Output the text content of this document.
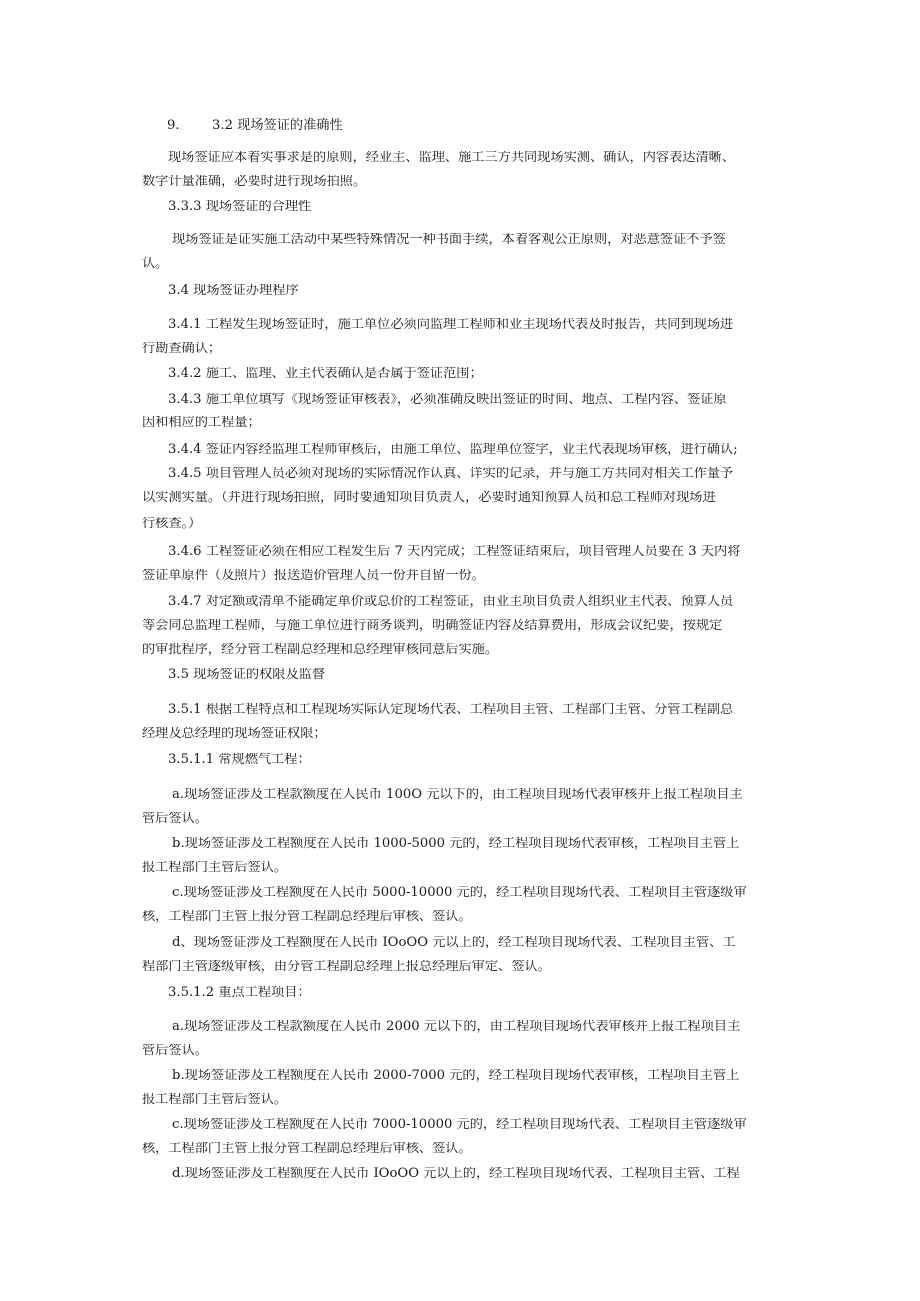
9. 3.2 现场签证的准确性
现场签证应本着实事求是的原则，经业主、监理、施工三方共同现场实测、确认，内容表达清晰、
数字计量准确，必要时进行现场拍照。
3.3.3 现场签证的合理性
现场签证是证实施工活动中某些特殊情况一种书面手续，本着客观公正原则，对恶意签证不予签
认。
3.4 现场签证办理程序
3.4.1 工程发生现场签证时，施工单位必须向监理工程师和业主现场代表及时报告，共同到现场进
行勘查确认；
3.4.2 施工、监理、业主代表确认是否属于签证范围；
3.4.3 施工单位填写《现场签证审核表》，必须准确反映出签证的时间、地点、工程内容、签证原
因和相应的工程量；
3.4.4 签证内容经监理工程师审核后，由施工单位、监理单位签字，业主代表现场审核，进行确认;
3.4.5 项目管理人员必须对现场的实际情况作认真、详实的记录，并与施工方共同对相关工作量予
以实测实量。（并进行现场拍照，同时要通知项目负责人，必要时通知预算人员和总工程师对现场进
行核查。）
3.4.6 工程签证必须在相应工程发生后 7 天内完成；工程签证结束后，项目管理人员要在 3 天内将
签证单原件（及照片）报送造价管理人员一份并自留一份。
3.4.7 对定额或清单不能确定单价或总价的工程签证，由业主项目负责人组织业主代表、预算人员
等会同总监理工程师，与施工单位进行商务谈判，明确签证内容及结算费用，形成会议纪要，按规定
的审批程序，经分管工程副总经理和总经理审核同意后实施。
3.5 现场签证的权限及监督
3.5.1 根据工程特点和工程现场实际认定现场代表、工程项目主管、工程部门主管、分管工程副总
经理及总经理的现场签证权限；
3.5.1.1 常规燃气工程：
a.现场签证涉及工程款额度在人民币 100O 元以下的，由工程项目现场代表审核并上报工程项目主
管后签认。
b.现场签证涉及工程额度在人民币 1000-5000 元的，经工程项目现场代表审核，工程项目主管上
报工程部门主管后签认。
c.现场签证涉及工程额度在人民币 5000-10000 元的，经工程项目现场代表、工程项目主管逐级审
核，工程部门主管上报分管工程副总经理后审核、签认。
d、现场签证涉及工程额度在人民币 IOoOO 元以上的，经工程项目现场代表、工程项目主管、工
程部门主管逐级审核，由分管工程副总经理上报总经理后审定、签认。
3.5.1.2 重点工程项目：
a.现场签证涉及工程款额度在人民币 2000 元以下的，由工程项目现场代表审核并上报工程项目主
管后签认。
b.现场签证涉及工程额度在人民币 2000-7000 元的，经工程项目现场代表审核，工程项目主管上
报工程部门主管后签认。
c.现场签证涉及工程额度在人民币 7000-10000 元的，经工程项目现场代表、工程项目主管逐级审
核，工程部门主管上报分管工程副总经理后审核、签认。
d.现场签证涉及工程额度在人民币 IOoOO 元以上的，经工程项目现场代表、工程项目主管、工程
